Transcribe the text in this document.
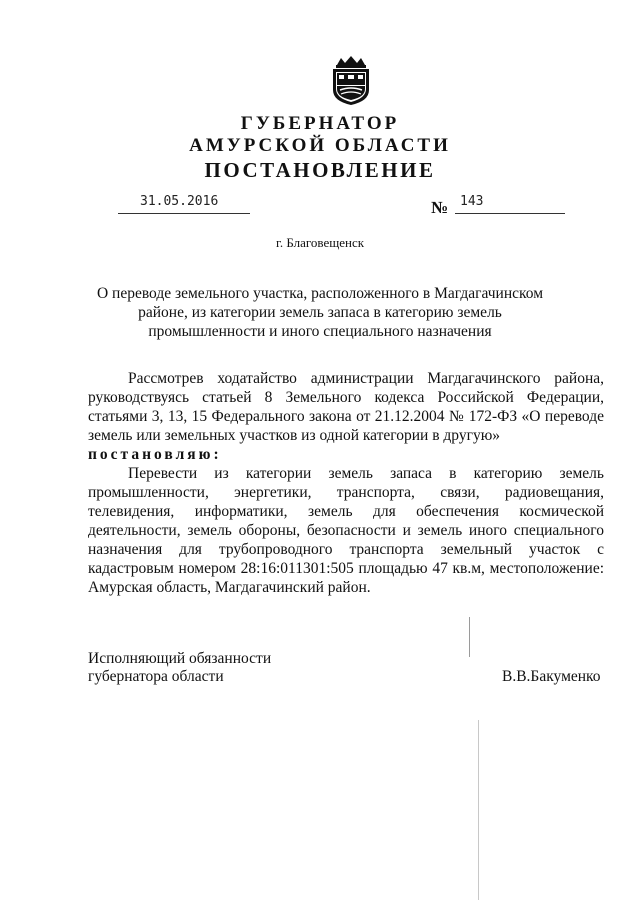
ГУБЕРНАТОР
АМУРСКОЙ ОБЛАСТИ
ПОСТАНОВЛЕНИЕ
31.05.2016	№ 143
г. Благовещенск
О переводе земельного участка, расположенного в Магдагачинском районе, из категории земель запаса в категорию земель промышленности и иного специального назначения

Рассмотрев ходатайство администрации Магдагачинского района, руководствуясь статьей 8 Земельного кодекса Российской Федерации, статьями 3, 13, 15 Федерального закона от 21.12.2004 № 172-ФЗ «О переводе земель или земельных участков из одной категории в другую»

постановляю:

Перевести из категории земель запаса в категорию земель промышленности, энергетики, транспорта, связи, радиовещания, телевидения, информатики, земель для обеспечения космической деятельности, земель обороны, безопасности и земель иного специального назначения для трубопроводного транспорта земельный участок с кадастровым номером 28:16:011301:505 площадью 47 кв.м, местоположение: Амурская область, Магдагачинский район.

Исполняющий обязанности
губернатора области	В.В.Бакуменко
